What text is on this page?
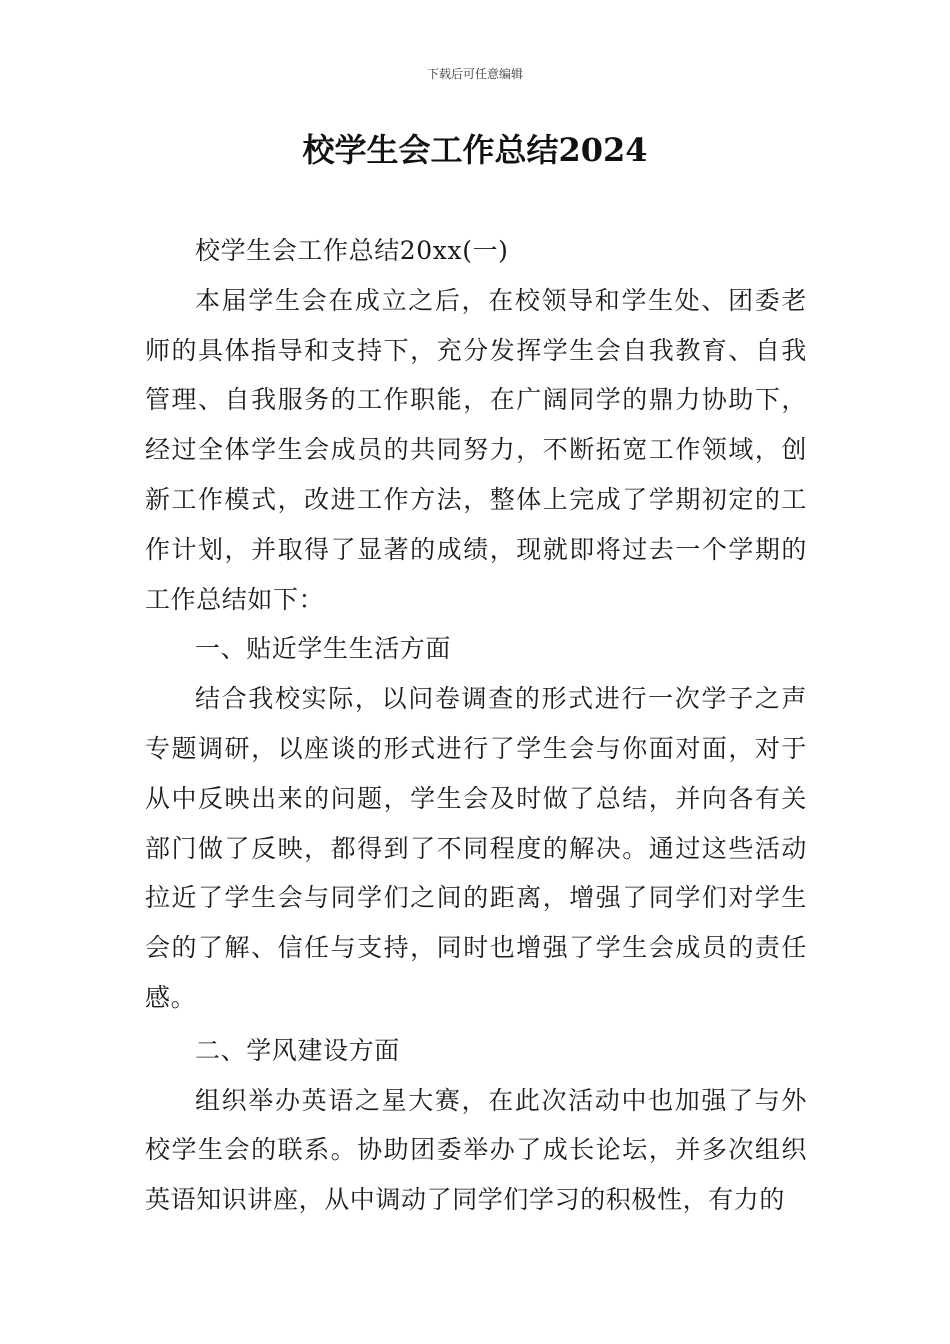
下载后可任意编辑
校学生会工作总结2024

校学生会工作总结20xx(一)

本届学生会在成立之后，在校领导和学生处、团委老师的具体指导和支持下，充分发挥学生会自我教育、自我管理、自我服务的工作职能，在广阔同学的鼎力协助下，经过全体学生会成员的共同努力，不断拓宽工作领域，创新工作模式，改进工作方法，整体上完成了学期初定的工作计划，并取得了显著的成绩，现就即将过去一个学期的工作总结如下：

一、贴近学生生活方面

结合我校实际，以问卷调查的形式进行一次学子之声专题调研，以座谈的形式进行了学生会与你面对面，对于从中反映出来的问题，学生会及时做了总结，并向各有关部门做了反映，都得到了不同程度的解决。通过这些活动拉近了学生会与同学们之间的距离，增强了同学们对学生会的了解、信任与支持，同时也增强了学生会成员的责任感。

二、学风建设方面

组织举办英语之星大赛，在此次活动中也加强了与外校学生会的联系。协助团委举办了成长论坛，并多次组织英语知识讲座，从中调动了同学们学习的积极性，有力的
